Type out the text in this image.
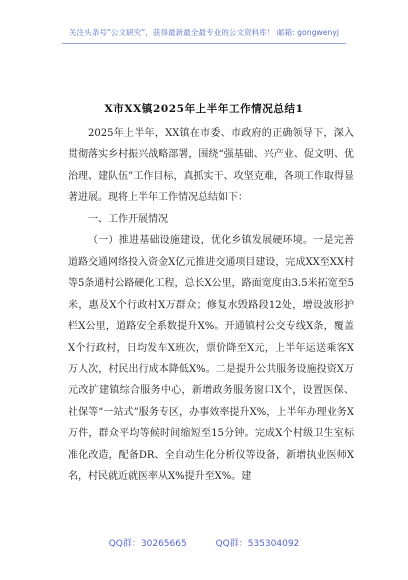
关注头条号“公文研究”，获得最新最全最专业的公文资料库！ 邮箱: gongwenyj
X市XX镇2025年上半年工作情况总结1

2025年上半年，XX镇在市委、市政府的正确领导下，深入贯彻落实乡村振兴战略部署，围绕“强基础、兴产业、促文明、优治理、建队伍”工作目标，真抓实干、攻坚克难，各项工作取得显著进展。现将上半年工作情况总结如下：

一、工作开展情况

（一）推进基础设施建设，优化乡镇发展硬环境。一是完善道路交通网络投入资金X亿元推进交通项目建设，完成XX至XX村等5条通村公路硬化工程，总长X公里，路面宽度由3.5米拓宽至5米，惠及X个行政村X万群众；修复水毁路段12处，增设波形护栏X公里，道路安全系数提升X%。开通镇村公交专线X条，覆盖X个行政村，日均发车X班次，票价降至X元，上半年运送乘客X万人次，村民出行成本降低X%。二是提升公共服务设施投资X万元改扩建镇综合服务中心，新增政务服务窗口X个，设置医保、社保等“一站式”服务专区，办事效率提升X%，上半年办理业务X万件，群众平均等候时间缩短至15分钟。完成X个村级卫生室标准化改造，配备DR、全自动生化分析仪等设备，新增执业医师X名，村民就近就医率从X%提升至X%。建

QQ群：30265665	QQ群：535304092
